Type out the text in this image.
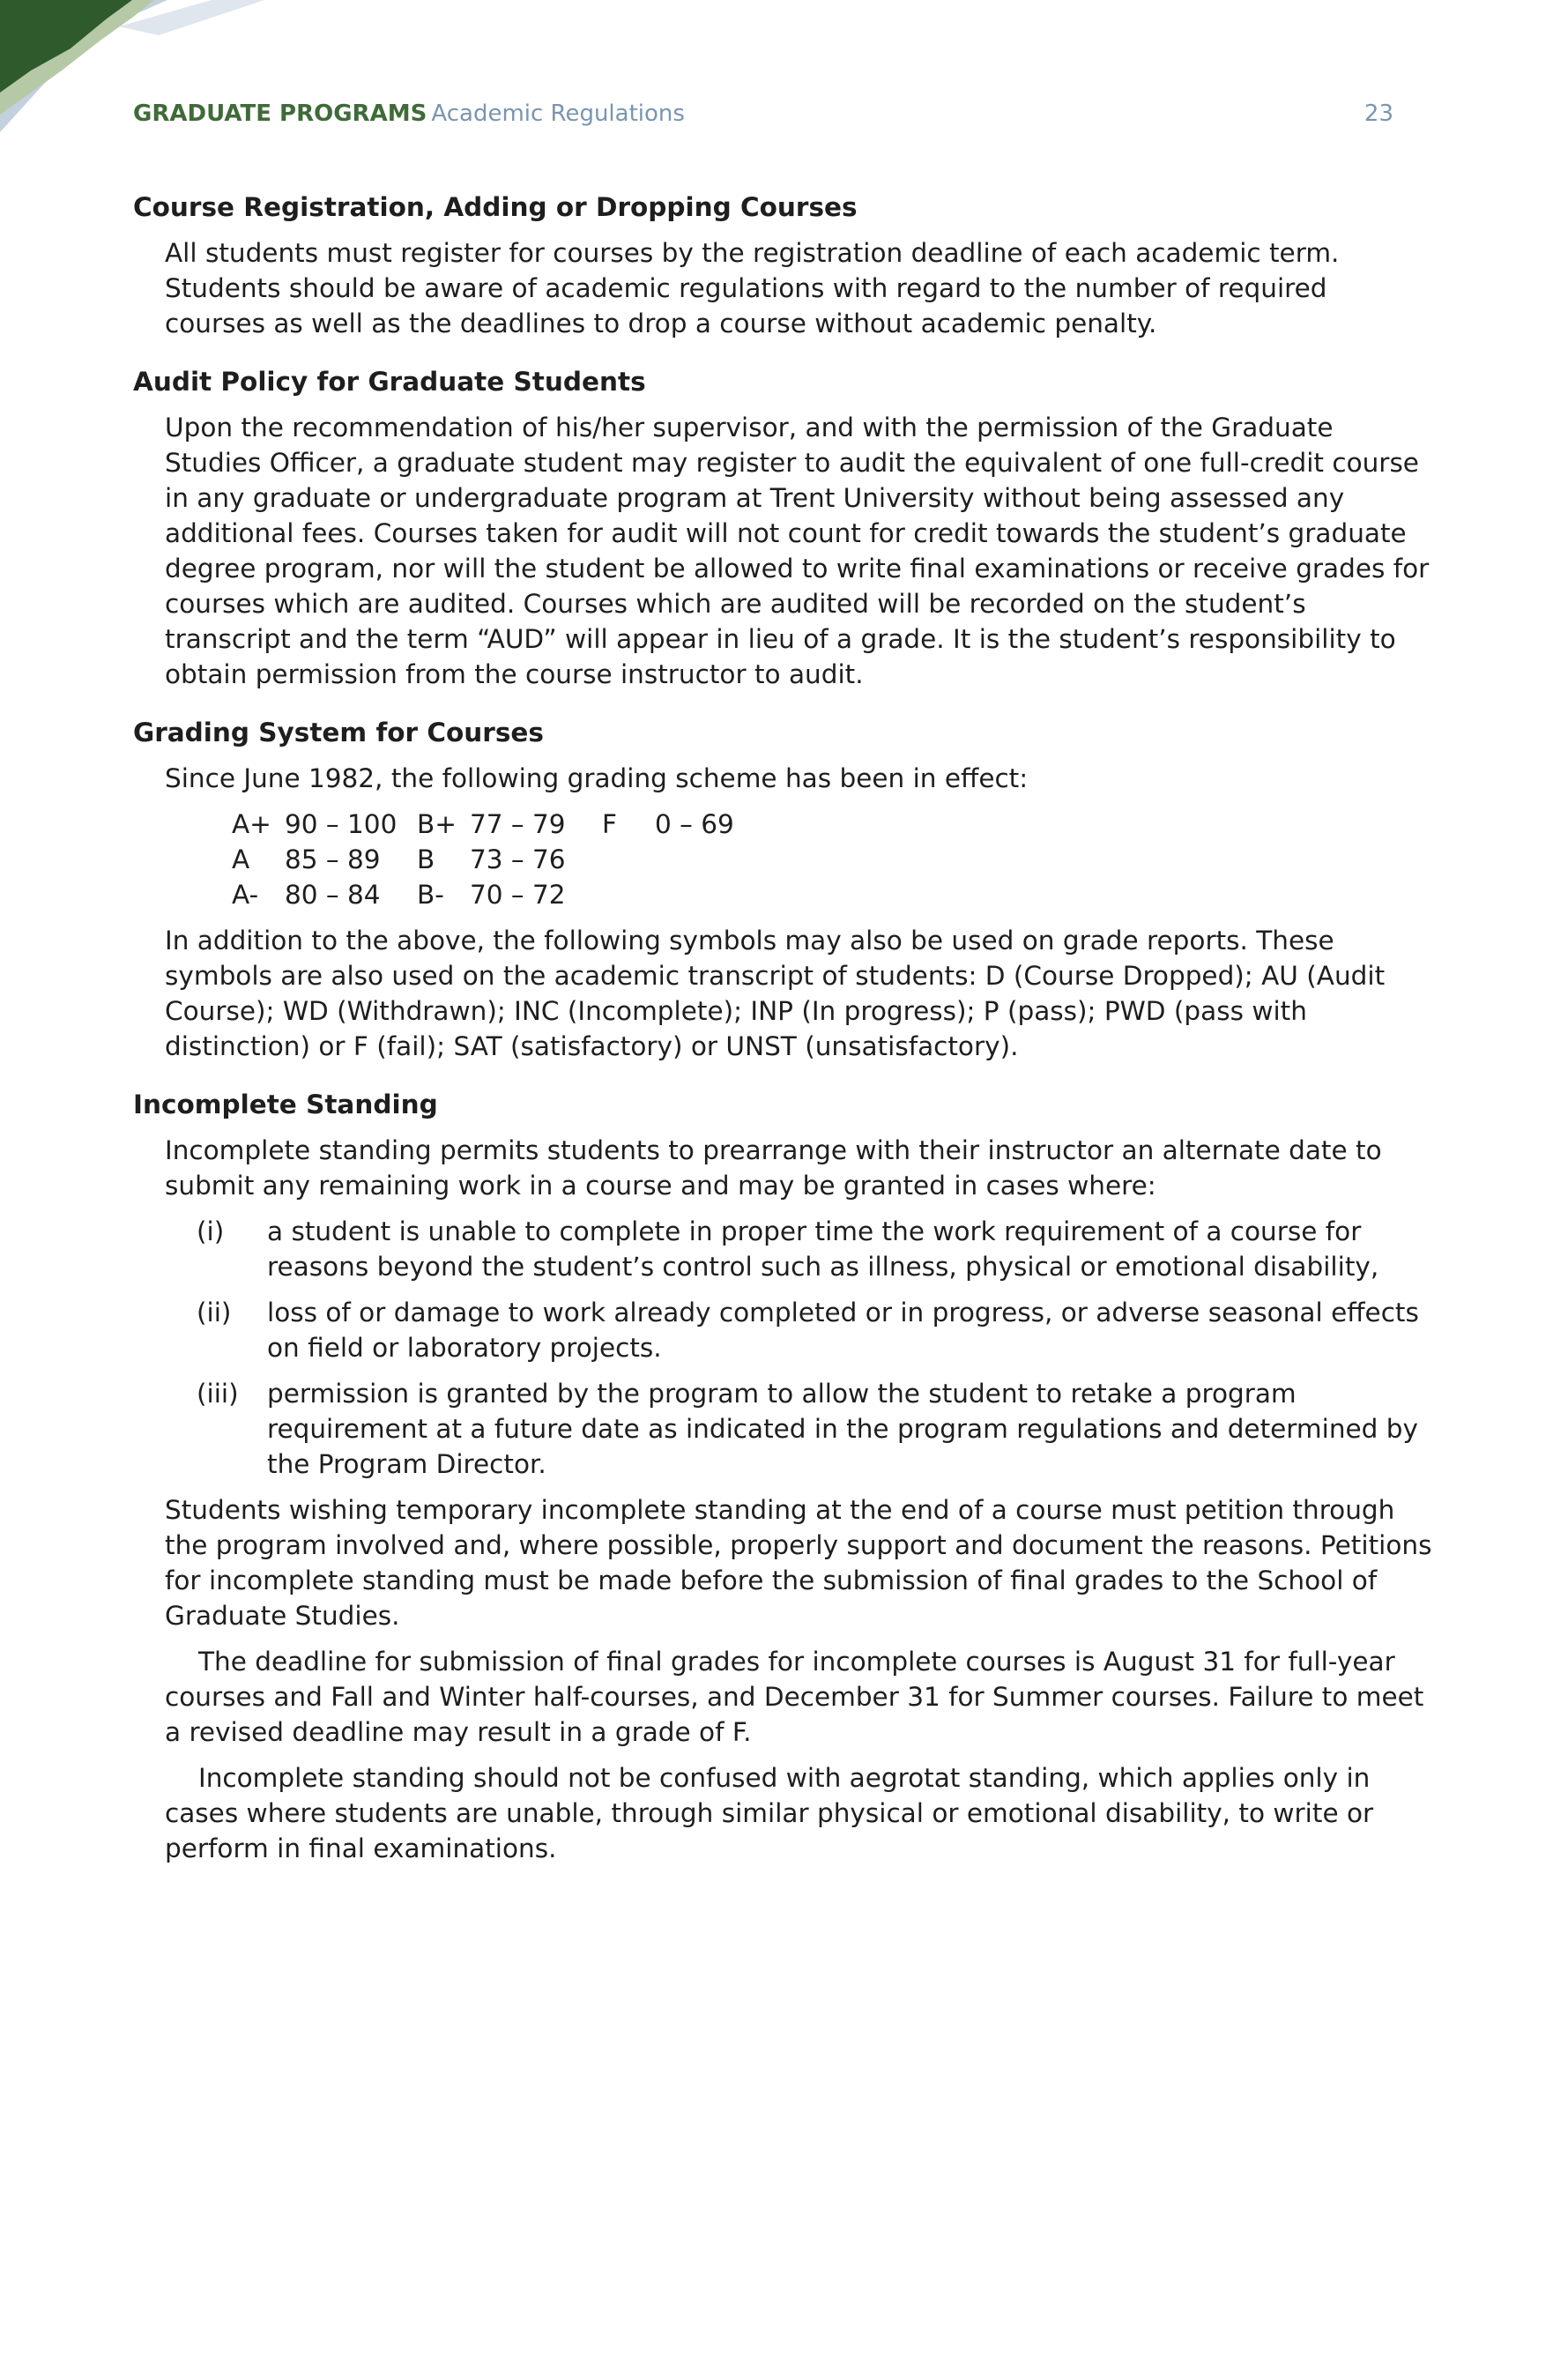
GRADUATE PROGRAMS Academic Regulations	23

Course Registration, Adding or Dropping Courses

All students must register for courses by the registration deadline of each academic term. Students should be aware of academic regulations with regard to the number of required courses as well as the deadlines to drop a course without academic penalty.

Audit Policy for Graduate Students

Upon the recommendation of his/her supervisor, and with the permission of the Graduate Studies Officer, a graduate student may register to audit the equivalent of one full-credit course in any graduate or undergraduate program at Trent University without being assessed any additional fees. Courses taken for audit will not count for credit towards the student’s graduate degree program, nor will the student be allowed to write final examinations or receive grades for courses which are audited. Courses which are audited will be recorded on the student’s transcript and the term “AUD” will appear in lieu of a grade. It is the student’s responsibility to obtain permission from the course instructor to audit.

Grading System for Courses

Since June 1982, the following grading scheme has been in effect:

A+	90 – 100	B+	77 – 79	F	0 – 69
A	85 – 89	B	73 – 76		
A-	80 – 84	B-	70 – 72		

In addition to the above, the following symbols may also be used on grade reports. These symbols are also used on the academic transcript of students: D (Course Dropped); AU (Audit Course); WD (Withdrawn); INC (Incomplete); INP (In progress); P (pass); PWD (pass with distinction) or F (fail); SAT (satisfactory) or UNST (unsatisfactory).

Incomplete Standing

Incomplete standing permits students to prearrange with their instructor an alternate date to submit any remaining work in a course and may be granted in cases where:

(i)	a student is unable to complete in proper time the work requirement of a course for reasons beyond the student’s control such as illness, physical or emotional disability,
(ii)	loss of or damage to work already completed or in progress, or adverse seasonal effects on field or laboratory projects.
(iii)	permission is granted by the program to allow the student to retake a program requirement at a future date as indicated in the program regulations and determined by the Program Director.

Students wishing temporary incomplete standing at the end of a course must petition through the program involved and, where possible, properly support and document the reasons. Petitions for incomplete standing must be made before the submission of final grades to the School of Graduate Studies.

The deadline for submission of final grades for incomplete courses is August 31 for full-year courses and Fall and Winter half-courses, and December 31 for Summer courses. Failure to meet a revised deadline may result in a grade of F.

Incomplete standing should not be confused with aegrotat standing, which applies only in cases where students are unable, through similar physical or emotional disability, to write or perform in final examinations.
